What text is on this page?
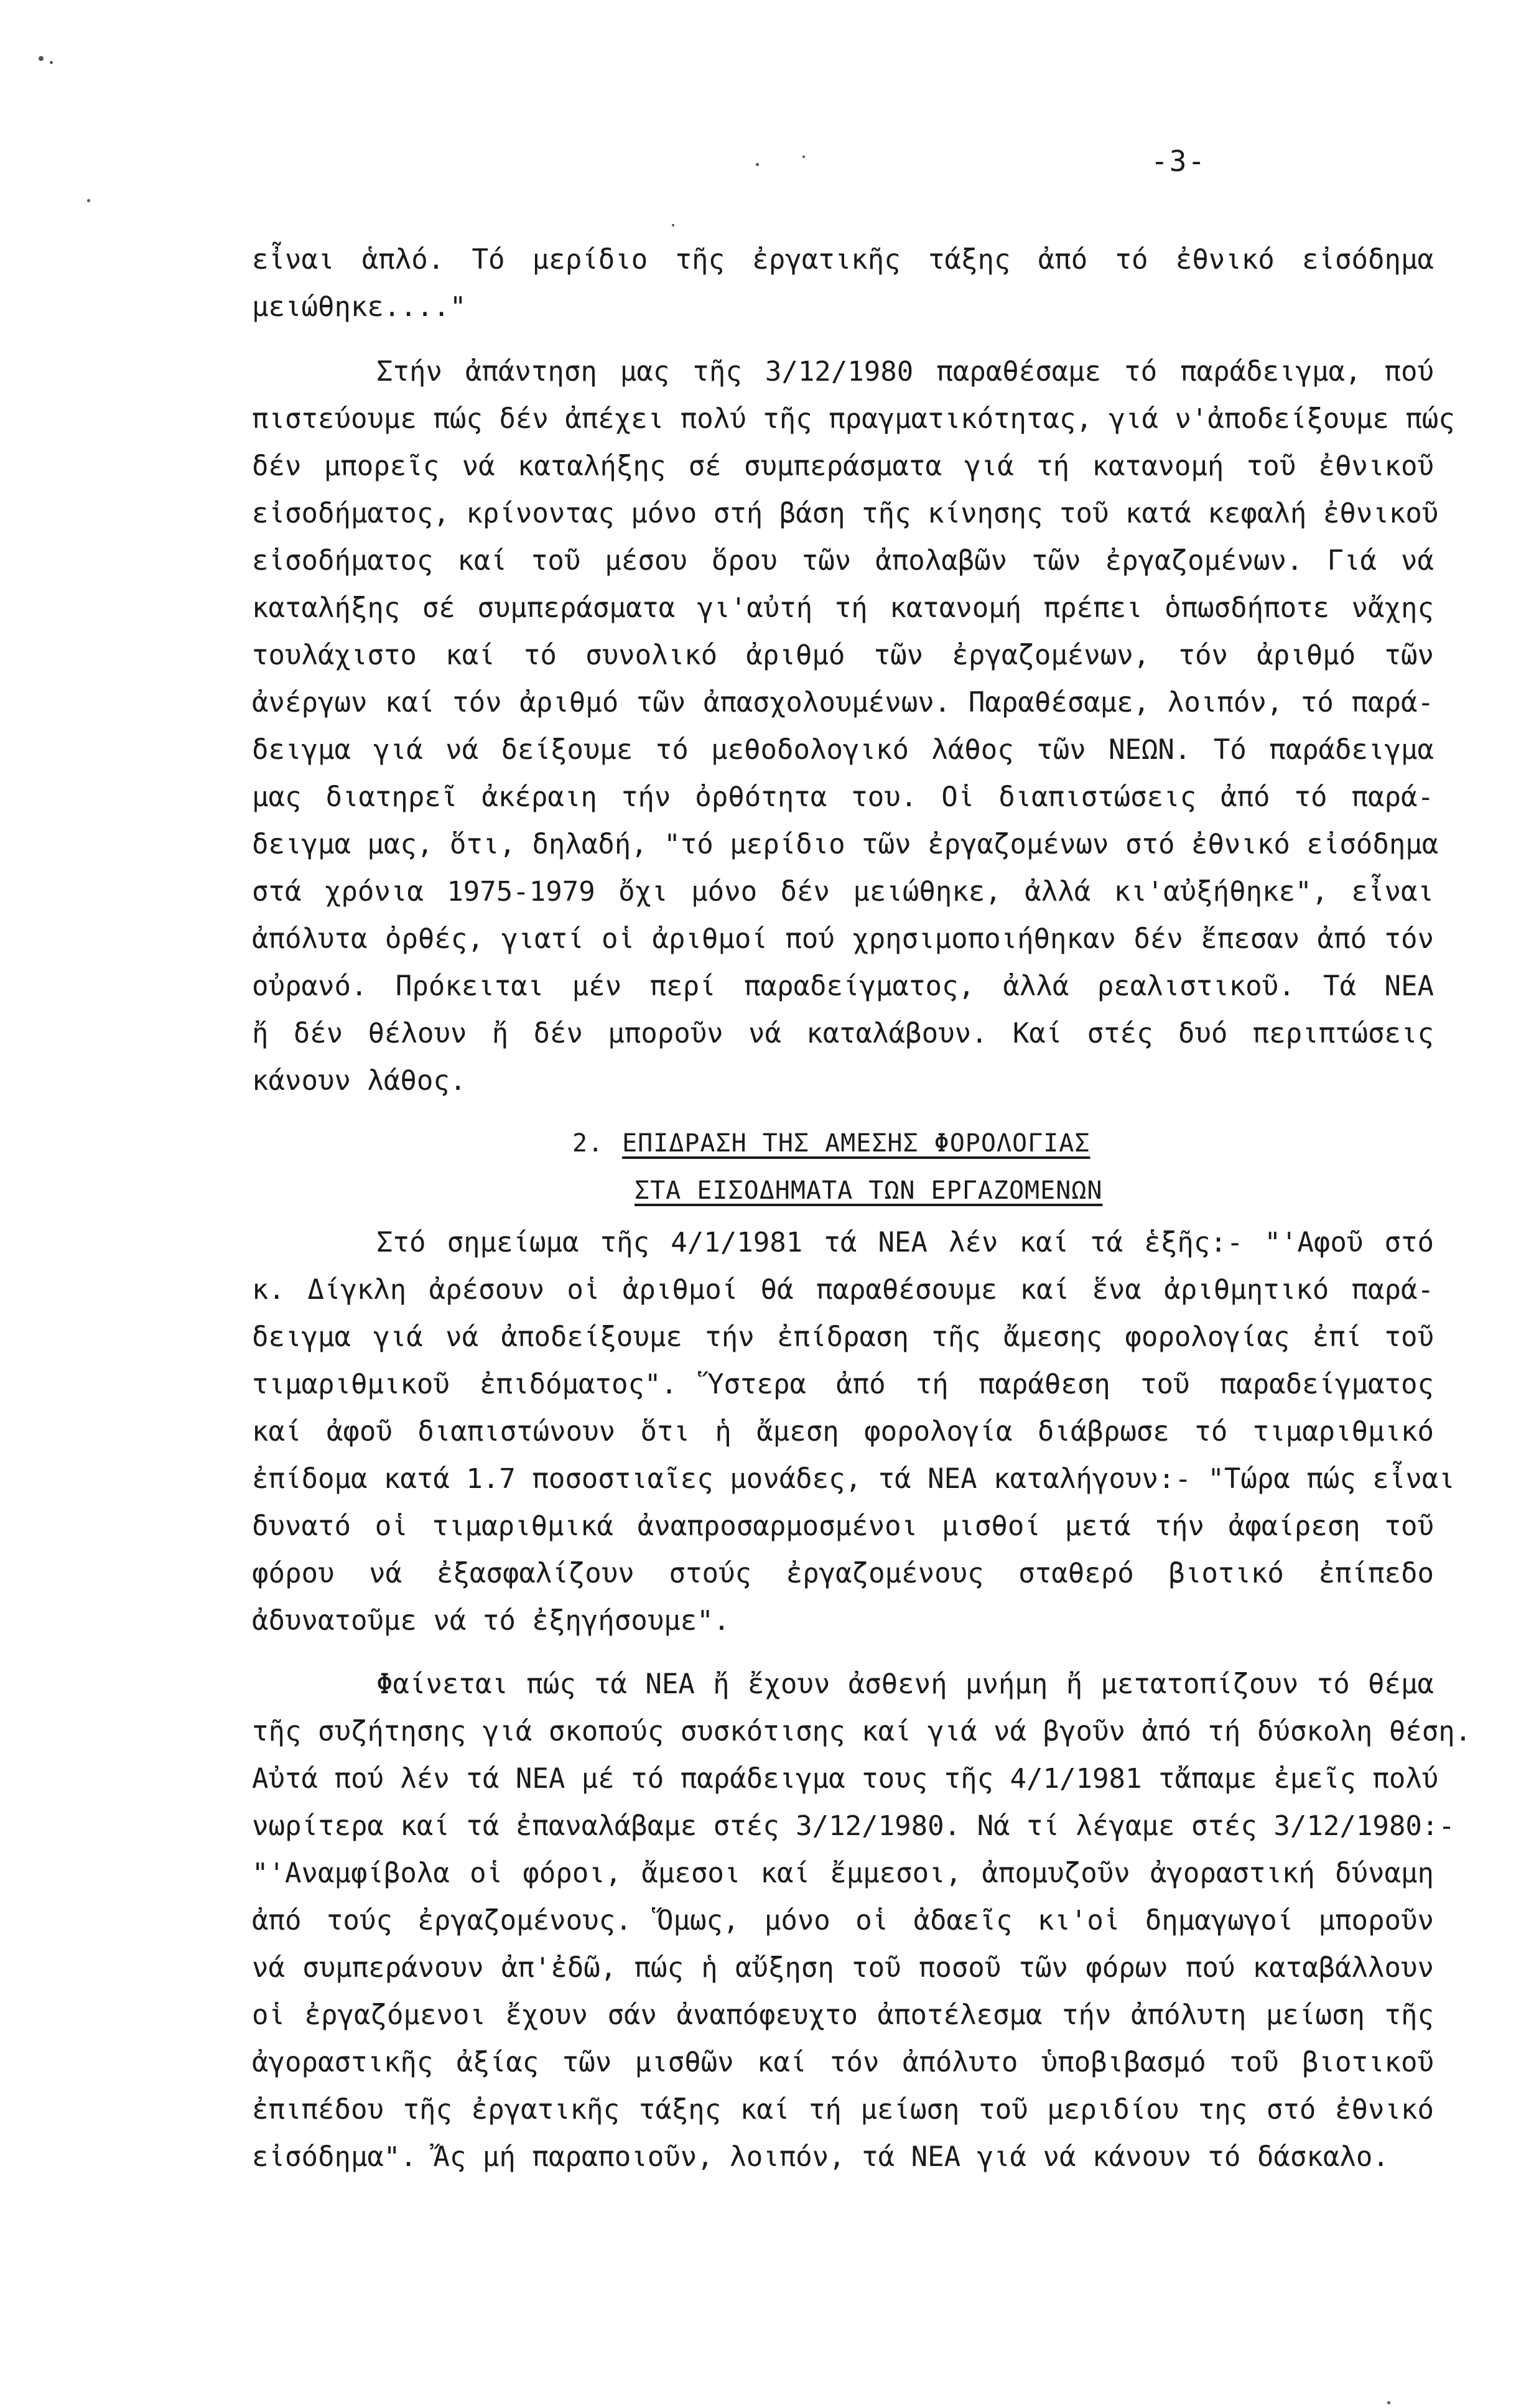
-3-
εἶναι ἁπλό. Τό μερίδιο τῆς ἐργατικῆς τάξης ἀπό τό ἐθνικό εἰσόδημα
μειώθηκε...."
Στήν ἀπάντηση μας τῆς 3/12/1980 παραθέσαμε τό παράδειγμα, πού
πιστεύουμε πώς δέν ἀπέχει πολύ τῆς πραγματικότητας, γιά ν'ἀποδείξουμε πώς
δέν μπορεῖς νά καταλήξης σέ συμπεράσματα γιά τή κατανομή τοῦ ἐθνικοῦ
εἰσοδήματος, κρίνοντας μόνο στή βάση τῆς κίνησης τοῦ κατά κεφαλή ἐθνικοῦ
εἰσοδήματος καί τοῦ μέσου ὅρου τῶν ἀπολαβῶν τῶν ἐργαζομένων. Γιά νά
καταλήξης σέ συμπεράσματα γι'αὐτή τή κατανομή πρέπει ὁπωσδήποτε νἄχης
τουλάχιστο καί τό συνολικό ἀριθμό τῶν ἐργαζομένων, τόν ἀριθμό τῶν
ἀνέργων καί τόν ἀριθμό τῶν ἀπασχολουμένων. Παραθέσαμε, λοιπόν, τό παρά-
δειγμα γιά νά δείξουμε τό μεθοδολογικό λάθος τῶν ΝΕΩΝ. Τό παράδειγμα
μας διατηρεῖ ἀκέραιη τήν ὀρθότητα του. Οἱ διαπιστώσεις ἀπό τό παρά-
δειγμα μας, ὅτι, δηλαδή, "τό μερίδιο τῶν ἐργαζομένων στό ἐθνικό εἰσόδημα
στά χρόνια 1975-1979 ὄχι μόνο δέν μειώθηκε, ἀλλά κι'αὐξήθηκε", εἶναι
ἀπόλυτα ὀρθές, γιατί οἱ ἀριθμοί πού χρησιμοποιήθηκαν δέν ἔπεσαν ἀπό τόν
οὐρανό. Πρόκειται μέν περί παραδείγματος, ἀλλά ρεαλιστικοῦ. Τά ΝΕΑ
ἤ δέν θέλουν ἤ δέν μποροῦν νά καταλάβουν. Καί στές δυό περιπτώσεις
κάνουν λάθος.
2. ΕΠΙΔΡΑΣΗ ΤΗΣ ΑΜΕΣΗΣ ΦΟΡΟΛΟΓΙΑΣ
ΣΤΑ ΕΙΣΟΔΗΜΑΤΑ ΤΩΝ ΕΡΓΑΖΟΜΕΝΩΝ
Στό σημείωμα τῆς 4/1/1981 τά ΝΕΑ λέν καί τά ἑξῆς:- "'Αφοῦ στό
κ. Δίγκλη ἀρέσουν οἱ ἀριθμοί θά παραθέσουμε καί ἕνα ἀριθμητικό παρά-
δειγμα γιά νά ἀποδείξουμε τήν ἐπίδραση τῆς ἄμεσης φορολογίας ἐπί τοῦ
τιμαριθμικοῦ ἐπιδόματος". Ὕστερα ἀπό τή παράθεση τοῦ παραδείγματος
καί ἀφοῦ διαπιστώνουν ὅτι ἡ ἄμεση φορολογία διάβρωσε τό τιμαριθμικό
ἐπίδομα κατά 1.7 ποσοστιαῖες μονάδες, τά ΝΕΑ καταλήγουν:- "Τώρα πώς εἶναι
δυνατό οἱ τιμαριθμικά ἀναπροσαρμοσμένοι μισθοί μετά τήν ἀφαίρεση τοῦ
φόρου νά ἐξασφαλίζουν στούς ἐργαζομένους σταθερό βιοτικό ἐπίπεδο
ἀδυνατοῦμε νά τό ἐξηγήσουμε".
Φαίνεται πώς τά ΝΕΑ ἤ ἔχουν ἀσθενή μνήμη ἤ μετατοπίζουν τό θέμα
τῆς συζήτησης γιά σκοπούς συσκότισης καί γιά νά βγοῦν ἀπό τή δύσκολη θέση.
Αὐτά πού λέν τά ΝΕΑ μέ τό παράδειγμα τους τῆς 4/1/1981 τἄπαμε ἐμεῖς πολύ
νωρίτερα καί τά ἐπαναλάβαμε στές 3/12/1980. Νά τί λέγαμε στές 3/12/1980:-
"'Αναμφίβολα οἱ φόροι, ἄμεσοι καί ἔμμεσοι, ἀπομυζοῦν ἀγοραστική δύναμη
ἀπό τούς ἐργαζομένους. Ὅμως, μόνο οἱ ἀδαεῖς κι'οἱ δημαγωγοί μποροῦν
νά συμπεράνουν ἀπ'ἐδῶ, πώς ἡ αὔξηση τοῦ ποσοῦ τῶν φόρων πού καταβάλλουν
οἱ ἐργαζόμενοι ἔχουν σάν ἀναπόφευχτο ἀποτέλεσμα τήν ἀπόλυτη μείωση τῆς
ἀγοραστικῆς ἀξίας τῶν μισθῶν καί τόν ἀπόλυτο ὑποβιβασμό τοῦ βιοτικοῦ
ἐπιπέδου τῆς ἐργατικῆς τάξης καί τή μείωση τοῦ μεριδίου της στό ἐθνικό
εἰσόδημα". Ἄς μή παραποιοῦν, λοιπόν, τά ΝΕΑ γιά νά κάνουν τό δάσκαλο.
